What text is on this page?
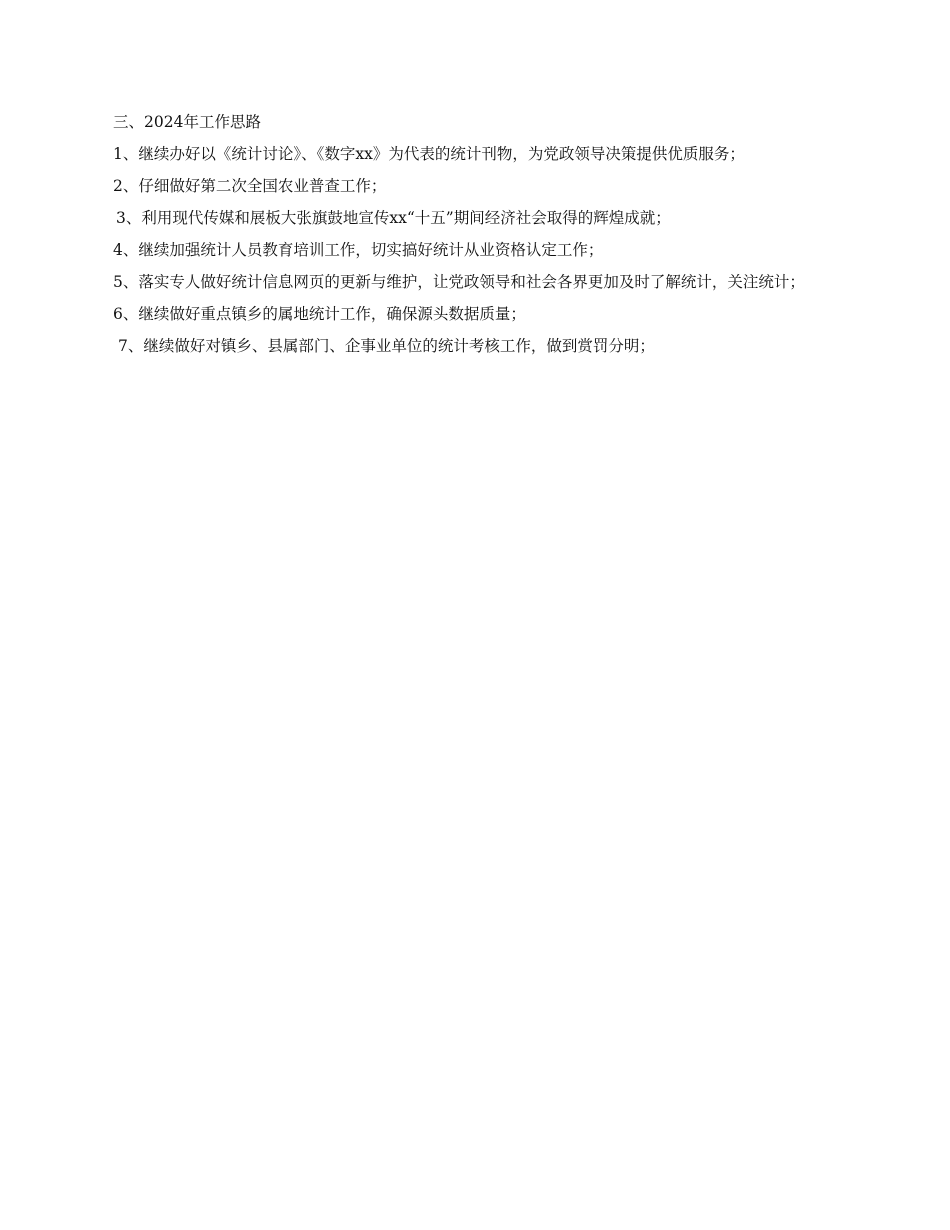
三、2024年工作思路

1、继续办好以《统计讨论》、《数字xx》为代表的统计刊物，为党政领导决策提供优质服务；

2、仔细做好第二次全国农业普查工作；

3、利用现代传媒和展板大张旗鼓地宣传xx“十五”期间经济社会取得的辉煌成就；

4、继续加强统计人员教育培训工作，切实搞好统计从业资格认定工作；

5、落实专人做好统计信息网页的更新与维护，让党政领导和社会各界更加及时了解统计，关注统计；

6、继续做好重点镇乡的属地统计工作，确保源头数据质量；

7、继续做好对镇乡、县属部门、企事业单位的统计考核工作，做到赏罚分明；
